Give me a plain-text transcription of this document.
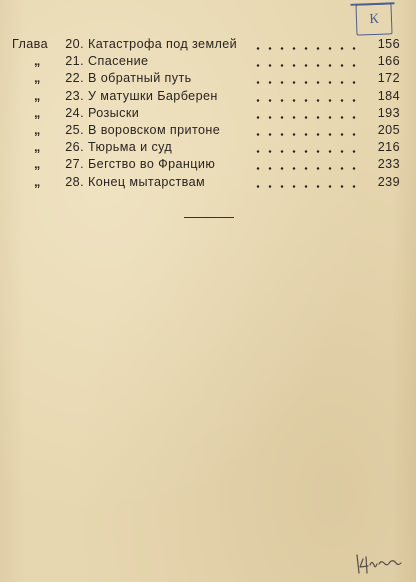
Глава	20. Катастрофа под землей	156
„	21. Спасение	166
„	22. В обратный путь	172
„	23. У матушки Барберен	184
„	24. Розыски	193
„	25. В воровском притоне	205
„	26. Тюрьма и суд	216
„	27. Бегство во Францию	233
„	28. Конец мытарствам	239
К
